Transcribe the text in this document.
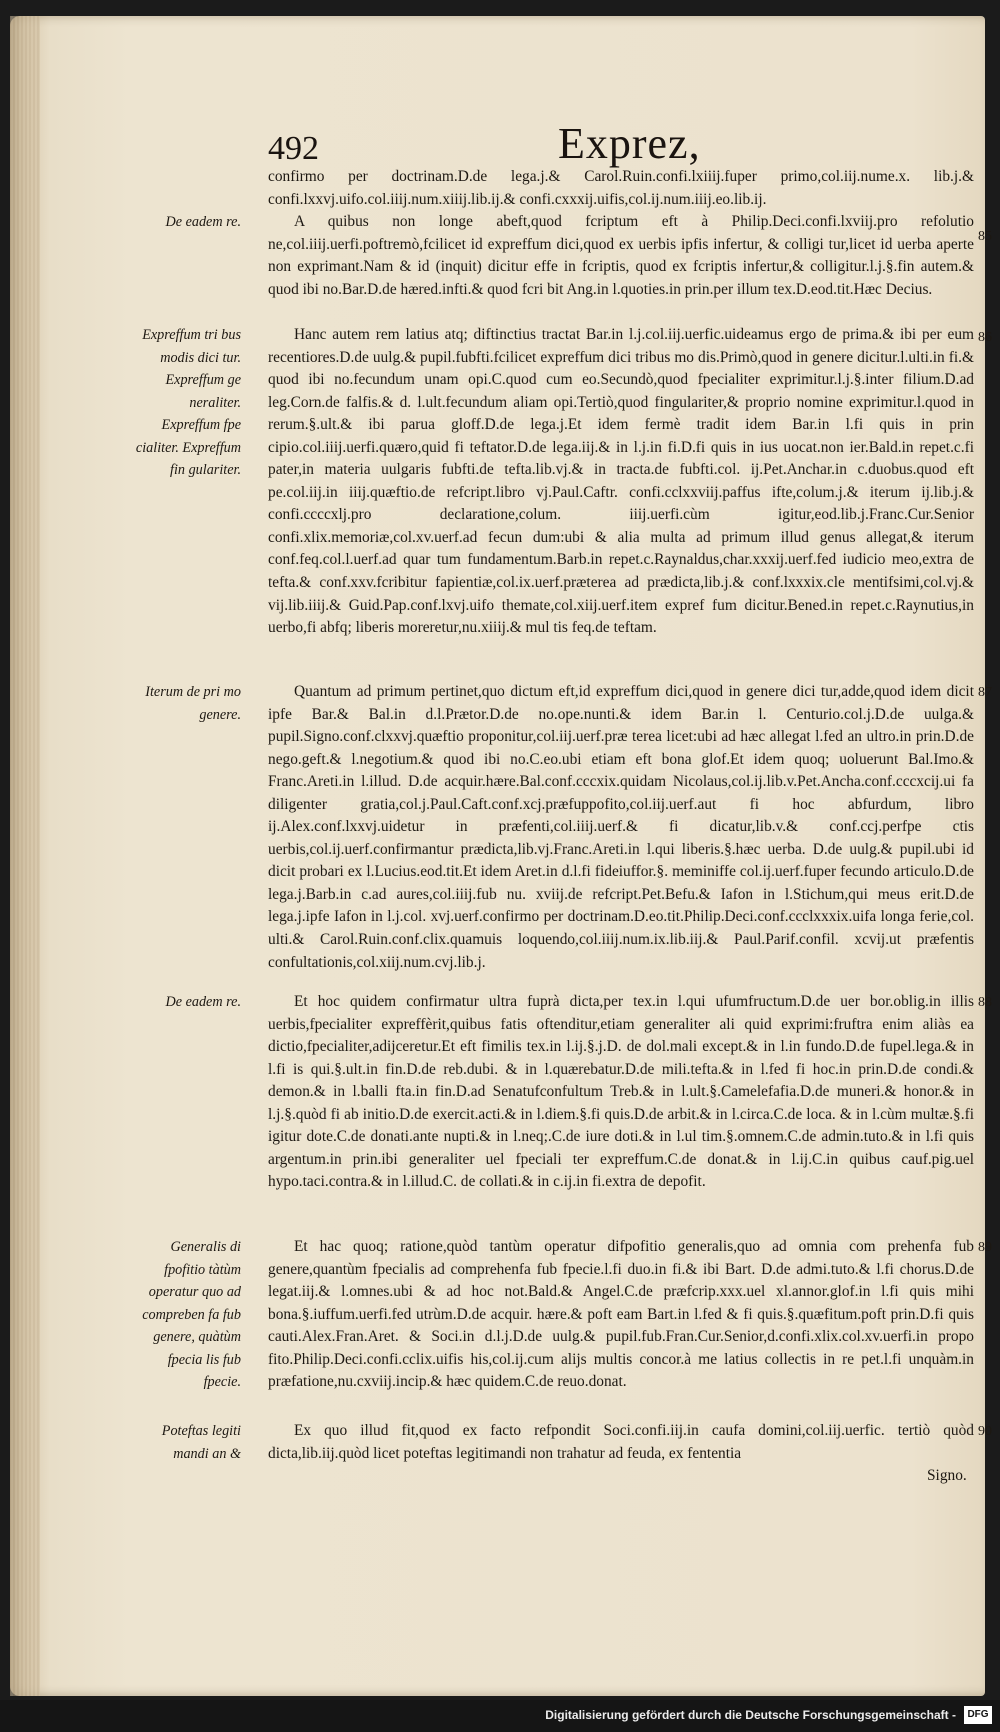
492	Exprez,

confirmo per doctrinam.D.de lega.j.& Carol.Ruin.confi.lxiiij.fuper primo,col.iij.nume.x. lib.j.& confi.lxxvj.uifo.col.iiij.num.xiiij.lib.ij.& confi.cxxxij.uifis,col.ij.num.iiij.eo.lib.ij.

De eadem re.	A quibus non longe abeft,quod fcriptum eft à Philip.Deci.confi.lxviij.pro refolutio ne,col.iiij.uerfi.poftremò,fcilicet id expreffum dici,quod ex uerbis ipfis infertur, & colligi tur,licet id uerba aperte non exprimant.Nam & id (inquit) dicitur effe in fcriptis, quod ex fcriptis infertur,& colligitur.l.j.§.fin autem.& quod ibi no.Bar.D.de hæred.infti.& quod fcri bit Ang.in l.quoties.in prin.per illum tex.D.eod.tit.Hæc Decius.

85
Expreffum tri bus modis dici tur. Expreffum ge neraliter. Expreffum fpe cialiter. Expreffum fin gulariter.

Hanc autem rem latius atq; diftinctius tractat Bar.in l.j.col.iij.uerfic.uideamus ergo de prima.& ibi per eum recentiores.D.de uulg.& pupil.fubfti.fcilicet expreffum dici tribus mo dis.Primò,quod in genere dicitur.l.ulti.in fi.& quod ibi no.fecundum unam opi.C.quod cum eo.Secundò,quod fpecialiter exprimitur.l.j.§.inter filium.D.ad leg.Corn.de falfis.& d. l.ult.fecundum aliam opi.Tertiò,quod fingulariter,& proprio nomine exprimitur.l.quod in rerum.§.ult.& ibi parua gloff.D.de lega.j.Et idem fermè tradit idem Bar.in l.fi quis in prin cipio.col.iiij.uerfi.quæro,quid fi teftator.D.de lega.iij.& in l.j.in fi.D.fi quis in ius uocat.non ier.Bald.in repet.c.fi pater,in materia uulgaris fubfti.de tefta.lib.vj.& in tracta.de fubfti.col. ij.Pet.Anchar.in c.duobus.quod eft pe.col.iij.in iiij.quæftio.de refcript.libro vj.Paul.Caftr. confi.cclxxviij.paffus ifte,colum.j.& iterum ij.lib.j.& confi.ccccxlj.pro declaratione,colum. iiij.uerfi.cùm igitur,eod.lib.j.Franc.Cur.Senior confi.xlix.memoriæ,col.xv.uerf.ad fecun dum:ubi & alia multa ad primum illud genus allegat,& iterum conf.feq.col.l.uerf.ad quar tum fundamentum.Barb.in repet.c.Raynaldus,char.xxxij.uerf.fed iudicio meo,extra de tefta.& conf.xxv.fcribitur fapientiæ,col.ix.uerf.præterea ad prædicta,lib.j.& conf.lxxxix.cle mentifsimi,col.vj.& vij.lib.iiij.& Guid.Pap.conf.lxvj.uifo themate,col.xiij.uerf.item expref fum dicitur.Bened.in repet.c.Raynutius,in uerbo,fi abfq; liberis moreretur,nu.xiiij.& mul tis feq.de teftam.

86
Iterum de pri mo genere.

Quantum ad primum pertinet,quo dictum eft,id expreffum dici,quod in genere dici tur,adde,quod idem dicit ipfe Bar.& Bal.in d.l.Prætor.D.de no.ope.nunti.& idem Bar.in l. Centurio.col.j.D.de uulga.& pupil.Signo.conf.clxxvj.quæftio proponitur,col.iij.uerf.præ terea licet:ubi ad hæc allegat l.fed an ultro.in prin.D.de nego.geft.& l.negotium.& quod ibi no.C.eo.ubi etiam eft bona glof.Et idem quoq; uoluerunt Bal.Imo.& Franc.Areti.in l.illud. D.de acquir.hære.Bal.conf.cccxix.quidam Nicolaus,col.ij.lib.v.Pet.Ancha.conf.cccxcij.ui fa diligenter gratia,col.j.Paul.Caft.conf.xcj.præfuppofito,col.iij.uerf.aut fi hoc abfurdum, libro ij.Alex.conf.lxxvj.uidetur in præfenti,col.iiij.uerf.& fi dicatur,lib.v.& conf.ccj.perfpe ctis uerbis,col.ij.uerf.confirmantur prædicta,lib.vj.Franc.Areti.in l.qui liberis.§.hæc uerba. D.de uulg.& pupil.ubi id dicit probari ex l.Lucius.eod.tit.Et idem Aret.in d.l.fi fideiuffor.§. meminiffe col.ij.uerf.fuper fecundo articulo.D.de lega.j.Barb.in c.ad aures,col.iiij.fub nu. xviij.de refcript.Pet.Befu.& Iafon in l.Stichum,qui meus erit.D.de lega.j.ipfe Iafon in l.j.col. xvj.uerf.confirmo per doctrinam.D.eo.tit.Philip.Deci.conf.ccclxxxix.uifa longa ferie,col. ulti.& Carol.Ruin.conf.clix.quamuis loquendo,col.iiij.num.ix.lib.iij.& Paul.Parif.confil. xcvij.ut præfentis confultationis,col.xiij.num.cvj.lib.j.

87
De eadem re.	Et hoc quidem confirmatur ultra fuprà dicta,per tex.in l.qui ufumfructum.D.de uer bor.oblig.in illis uerbis,fpecialiter expreffèrit,quibus fatis oftenditur,etiam generaliter ali quid exprimi:fruftra enim aliàs ea dictio,fpecialiter,adijceretur.Et eft fimilis tex.in l.ij.§.j.D. de dol.mali except.& in l.in fundo.D.de fupel.lega.& in l.fi is qui.§.ult.in fin.D.de reb.dubi. & in l.quærebatur.D.de mili.tefta.& in l.fed fi hoc.in prin.D.de condi.& demon.& in l.balli fta.in fin.D.ad Senatufconfultum Treb.& in l.ult.§.Camelefafia.D.de muneri.& honor.& in l.j.§.quòd fi ab initio.D.de exercit.acti.& in l.diem.§.fi quis.D.de arbit.& in l.circa.C.de loca. & in l.cùm multæ.§.fi igitur dote.C.de donati.ante nupti.& in l.neq;.C.de iure doti.& in l.ul tim.§.omnem.C.de admin.tuto.& in l.fi quis argentum.in prin.ibi generaliter uel fpeciali ter expreffum.C.de donat.& in l.ij.C.in quibus cauf.pig.uel hypo.taci.contra.& in l.illud.C. de collati.& in c.ij.in fi.extra de depofit.

88
Generalis di fpofitio tàtùm operatur quo ad compreben fa fub genere, quàtùm fpecia lis fub fpecie.

Et hac quoq; ratione,quòd tantùm operatur difpofitio generalis,quo ad omnia com prehenfa fub genere,quantùm fpecialis ad comprehenfa fub fpecie.l.fi duo.in fi.& ibi Bart. D.de admi.tuto.& l.fi chorus.D.de legat.iij.& l.omnes.ubi & ad hoc not.Bald.& Angel.C.de præfcrip.xxx.uel xl.annor.glof.in l.fi quis mihi bona.§.iuffum.uerfi.fed utrùm.D.de acquir. hære.& poft eam Bart.in l.fed & fi quis.§.quæfitum.poft prin.D.fi quis cauti.Alex.Fran.Aret. & Soci.in d.l.j.D.de uulg.& pupil.fub.Fran.Cur.Senior,d.confi.xlix.col.xv.uerfi.in propo fito.Philip.Deci.confi.cclix.uifis his,col.ij.cum alijs multis concor.à me latius collectis in re pet.l.fi unquàm.in præfatione,nu.cxviij.incip.& hæc quidem.C.de reuo.donat.

89
Poteftas legiti mandi an &

Ex quo illud fit,quod ex facto refpondit Soci.confi.iij.in caufa domini,col.iij.uerfic. tertiò quòd dicta,lib.iij.quòd licet poteftas legitimandi non trahatur ad feuda, ex fententia

90
Signo.
Digitalisierung gefördert durch die Deutsche Forschungsgemeinschaft -	DFG
